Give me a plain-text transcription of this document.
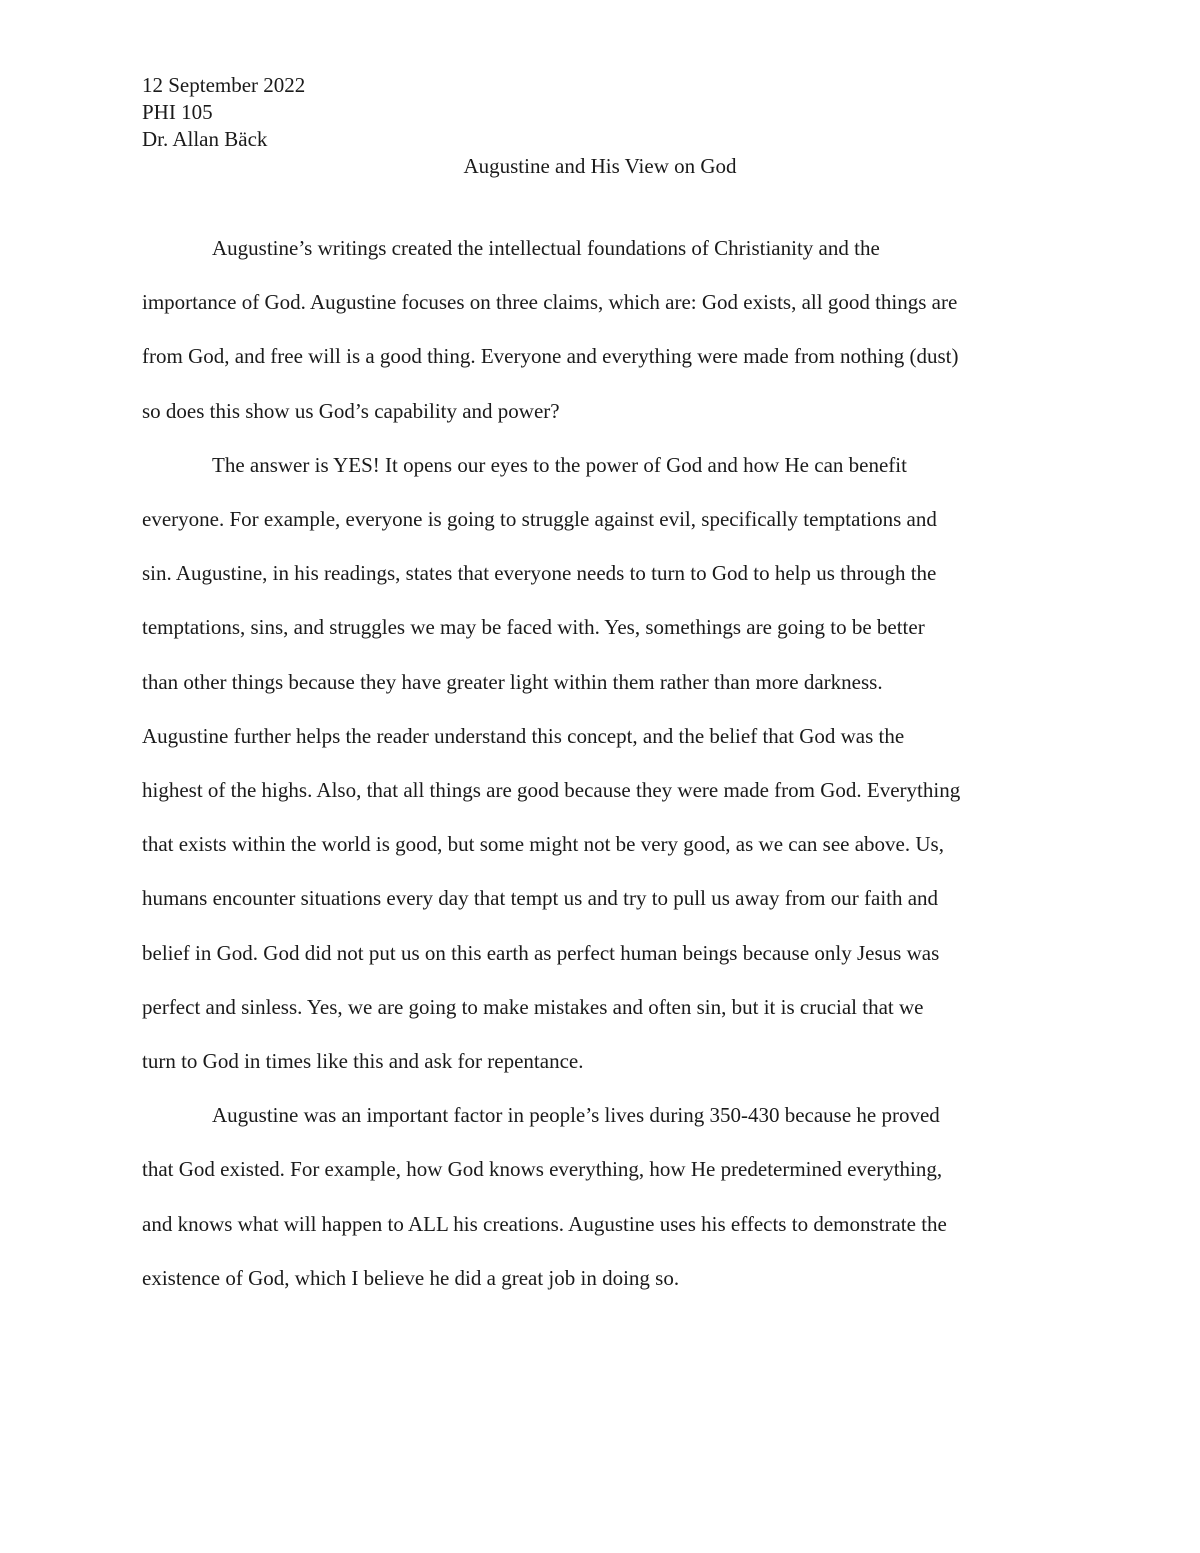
12 September 2022
PHI 105
Dr. Allan Bäck
Augustine and His View on God
Augustine’s writings created the intellectual foundations of Christianity and the
importance of God. Augustine focuses on three claims, which are: God exists, all good things are
from God, and free will is a good thing. Everyone and everything were made from nothing (dust)
so does this show us God’s capability and power?
The answer is YES! It opens our eyes to the power of God and how He can benefit
everyone. For example, everyone is going to struggle against evil, specifically temptations and
sin. Augustine, in his readings, states that everyone needs to turn to God to help us through the
temptations, sins, and struggles we may be faced with. Yes, somethings are going to be better
than other things because they have greater light within them rather than more darkness.
Augustine further helps the reader understand this concept, and the belief that God was the
highest of the highs. Also, that all things are good because they were made from God. Everything
that exists within the world is good, but some might not be very good, as we can see above. Us,
humans encounter situations every day that tempt us and try to pull us away from our faith and
belief in God. God did not put us on this earth as perfect human beings because only Jesus was
perfect and sinless. Yes, we are going to make mistakes and often sin, but it is crucial that we
turn to God in times like this and ask for repentance.
Augustine was an important factor in people’s lives during 350-430 because he proved
that God existed. For example, how God knows everything, how He predetermined everything,
and knows what will happen to ALL his creations. Augustine uses his effects to demonstrate the
existence of God, which I believe he did a great job in doing so.
